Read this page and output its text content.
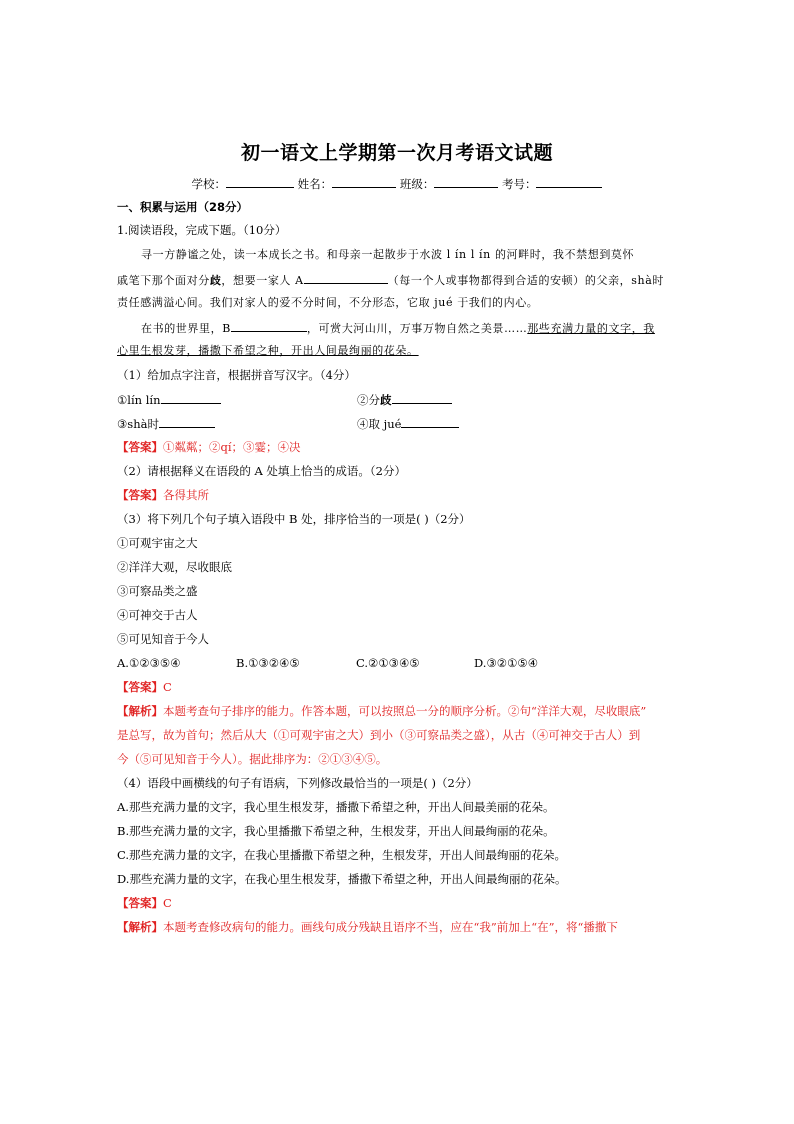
初一语文上学期第一次月考语文试题
学校：	姓名：	班级：	考号：
一、积累与运用（28分）
1.阅读语段，完成下题。（10分）
寻一方静谧之处，读一本成长之书。和母亲一起散步于水波 l ín l ín 的河畔时，我不禁想到莫怀
戚笔下那个面对分歧，想要一家人 A	（每一个人或事物都得到合适的安顿）的父亲，shà时
责任感满溢心间。我们对家人的爱不分时间，不分形态，它取 jué 于我们的内心。
在书的世界里，B	，可赏大河山川，万事万物自然之美景……那些充满力量的文字，我
心里生根发芽，播撒下希望之种，开出人间最绚丽的花朵。
（1）给加点字注音，根据拼音写汉字。（4分）
①lín lín	②分歧
③shà时	④取 jué
【答案】①粼粼；②qí；③霎；④决
（2）请根据释义在语段的 A 处填上恰当的成语。（2分）
【答案】各得其所
（3）将下列几个句子填入语段中 B 处，排序恰当的一项是( )（2分）
①可观宇宙之大
②洋洋大观，尽收眼底
③可察品类之盛
④可神交于古人
⑤可见知音于今人
A.①②③⑤④	B.①③②④⑤	C.②①③④⑤	D.③②①⑤④
【答案】C
【解析】本题考查句子排序的能力。作答本题，可以按照总一分的顺序分析。②句“洋洋大观，尽收眼底”
是总写，故为首句；然后从大（①可观宇宙之大）到小（③可察品类之盛），从古（④可神交于古人）到
今（⑤可见知音于今人）。据此排序为：②①③④⑤。
（4）语段中画横线的句子有语病，下列修改最恰当的一项是( )（2分）
A.那些充满力量的文字，我心里生根发芽，播撒下希望之种，开出人间最美丽的花朵。
B.那些充满力量的文字，我心里播撒下希望之种，生根发芽，开出人间最绚丽的花朵。
C.那些充满力量的文字，在我心里播撒下希望之种，生根发芽，开出人间最绚丽的花朵。
D.那些充满力量的文字，在我心里生根发芽，播撒下希望之种，开出人间最绚丽的花朵。
【答案】C
【解析】本题考查修改病句的能力。画线句成分残缺且语序不当，应在“我”前加上“在”，将“播撒下
